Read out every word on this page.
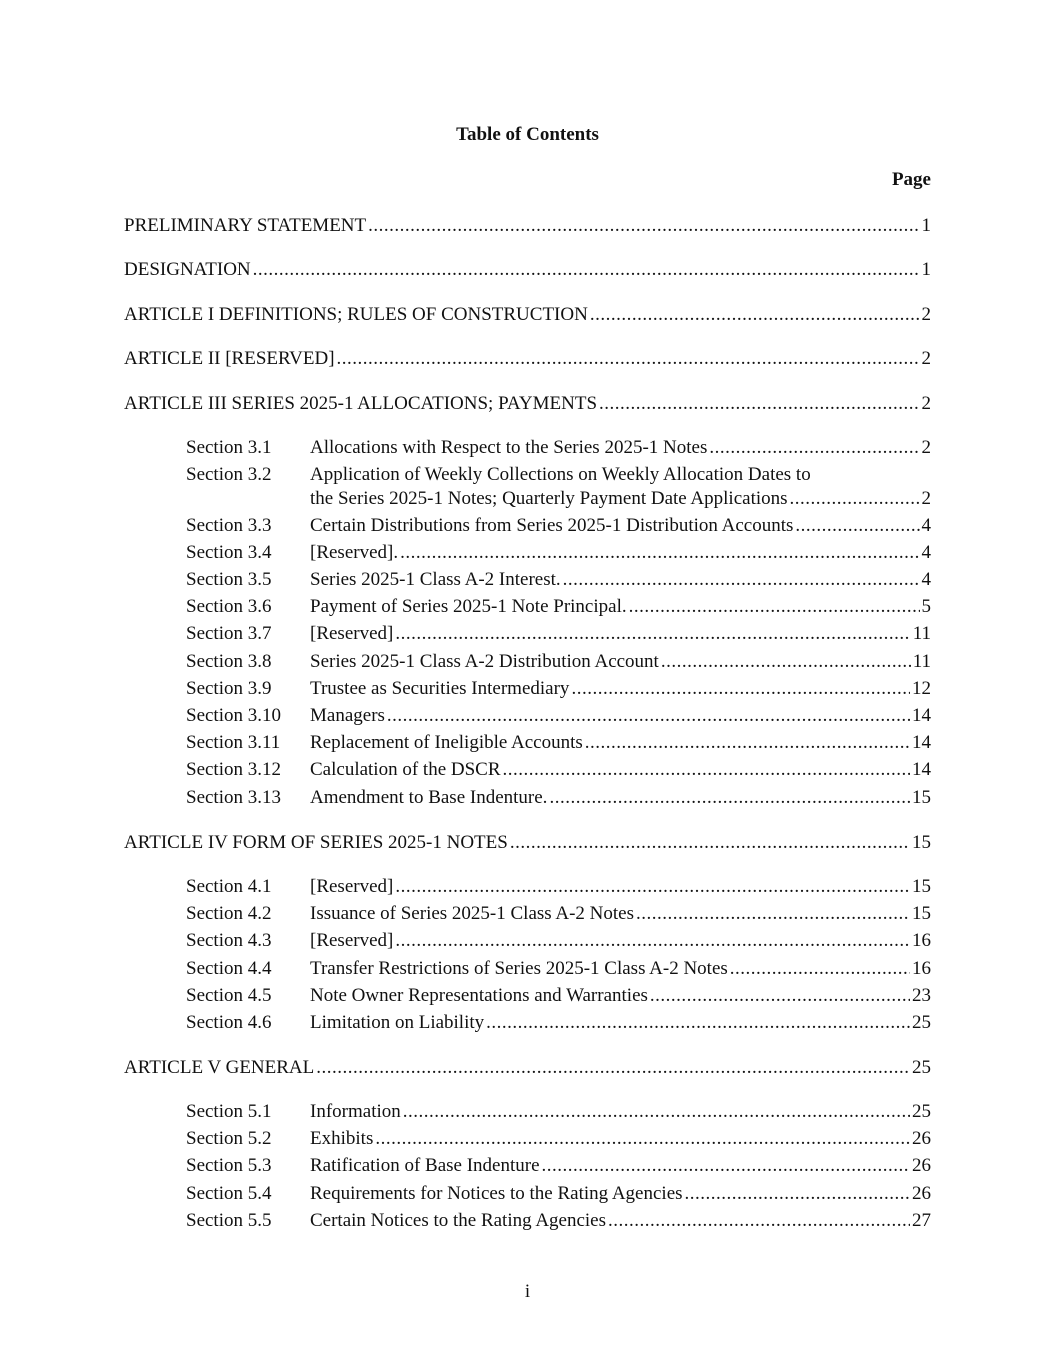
Table of Contents
Page
PRELIMINARY STATEMENT .....	1
DESIGNATION .....	1
ARTICLE I DEFINITIONS; RULES OF CONSTRUCTION .....	2
ARTICLE II [RESERVED] .....	2
ARTICLE III SERIES 2025-1 ALLOCATIONS; PAYMENTS .....	2
Section 3.1	Allocations with Respect to the Series 2025-1 Notes .....	2
Section 3.2 Application of Weekly Collections on Weekly Allocation Dates to
the Series 2025-1 Notes; Quarterly Payment Date Applications .....	2
Section 3.3	Certain Distributions from Series 2025-1 Distribution Accounts .....	4
Section 3.4	[Reserved]. .....	4
Section 3.5	Series 2025-1 Class A-2 Interest. .....	4
Section 3.6	Payment of Series 2025-1 Note Principal. .....	5
Section 3.7	[Reserved] .....	11
Section 3.8	Series 2025-1 Class A-2 Distribution Account .....	11
Section 3.9	Trustee as Securities Intermediary .....	12
Section 3.10	Managers .....	14
Section 3.11	Replacement of Ineligible Accounts .....	14
Section 3.12	Calculation of the DSCR .....	14
Section 3.13	Amendment to Base Indenture. .....	15
ARTICLE IV FORM OF SERIES 2025-1 NOTES .....	15
Section 4.1	[Reserved] .....	15
Section 4.2	Issuance of Series 2025-1 Class A-2 Notes .....	15
Section 4.3	[Reserved] .....	16
Section 4.4	Transfer Restrictions of Series 2025-1 Class A-2 Notes .....	16
Section 4.5	Note Owner Representations and Warranties .....	23
Section 4.6	Limitation on Liability .....	25
ARTICLE V GENERAL .....	25
Section 5.1	Information .....	25
Section 5.2	Exhibits .....	26
Section 5.3	Ratification of Base Indenture .....	26
Section 5.4	Requirements for Notices to the Rating Agencies .....	26
Section 5.5	Certain Notices to the Rating Agencies .....	27
i
